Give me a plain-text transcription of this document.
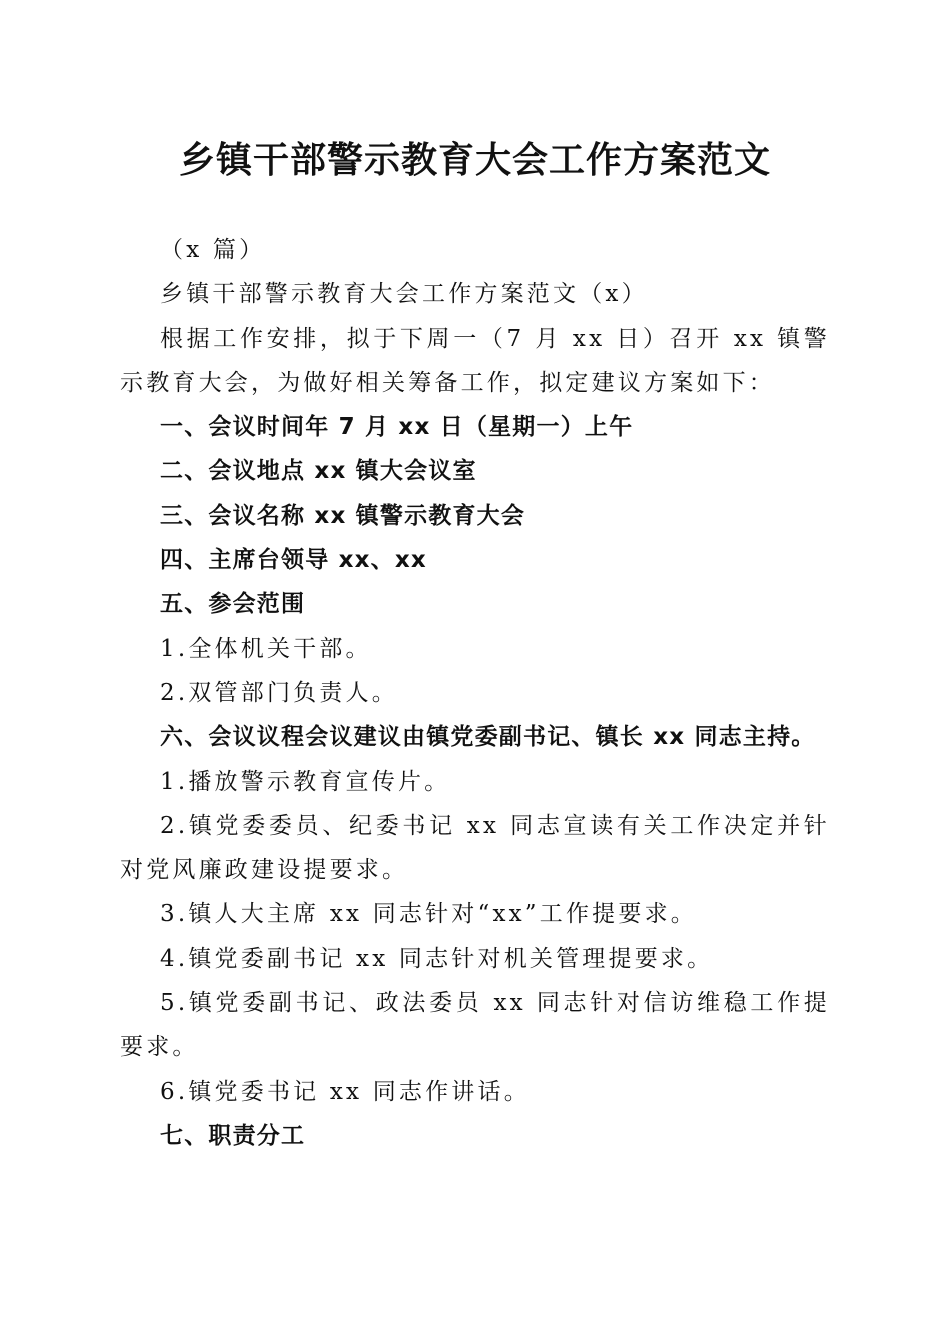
乡镇干部警示教育大会工作方案范文

（x 篇）

乡镇干部警示教育大会工作方案范文（x）

根据工作安排，拟于下周一（7 月 xx 日）召开 xx 镇警示教育大会，为做好相关筹备工作，拟定建议方案如下：

一、会议时间年 7 月 xx 日（星期一）上午

二、会议地点 xx 镇大会议室

三、会议名称 xx 镇警示教育大会

四、主席台领导 xx、xx

五、参会范围

1.全体机关干部。

2.双管部门负责人。

六、会议议程会议建议由镇党委副书记、镇长 xx 同志主持。

1.播放警示教育宣传片。

2.镇党委委员、纪委书记 xx 同志宣读有关工作决定并针对党风廉政建设提要求。

3.镇人大主席 xx 同志针对“xx”工作提要求。

4.镇党委副书记 xx 同志针对机关管理提要求。

5.镇党委副书记、政法委员 xx 同志针对信访维稳工作提要求。

6.镇党委书记 xx 同志作讲话。

七、职责分工
